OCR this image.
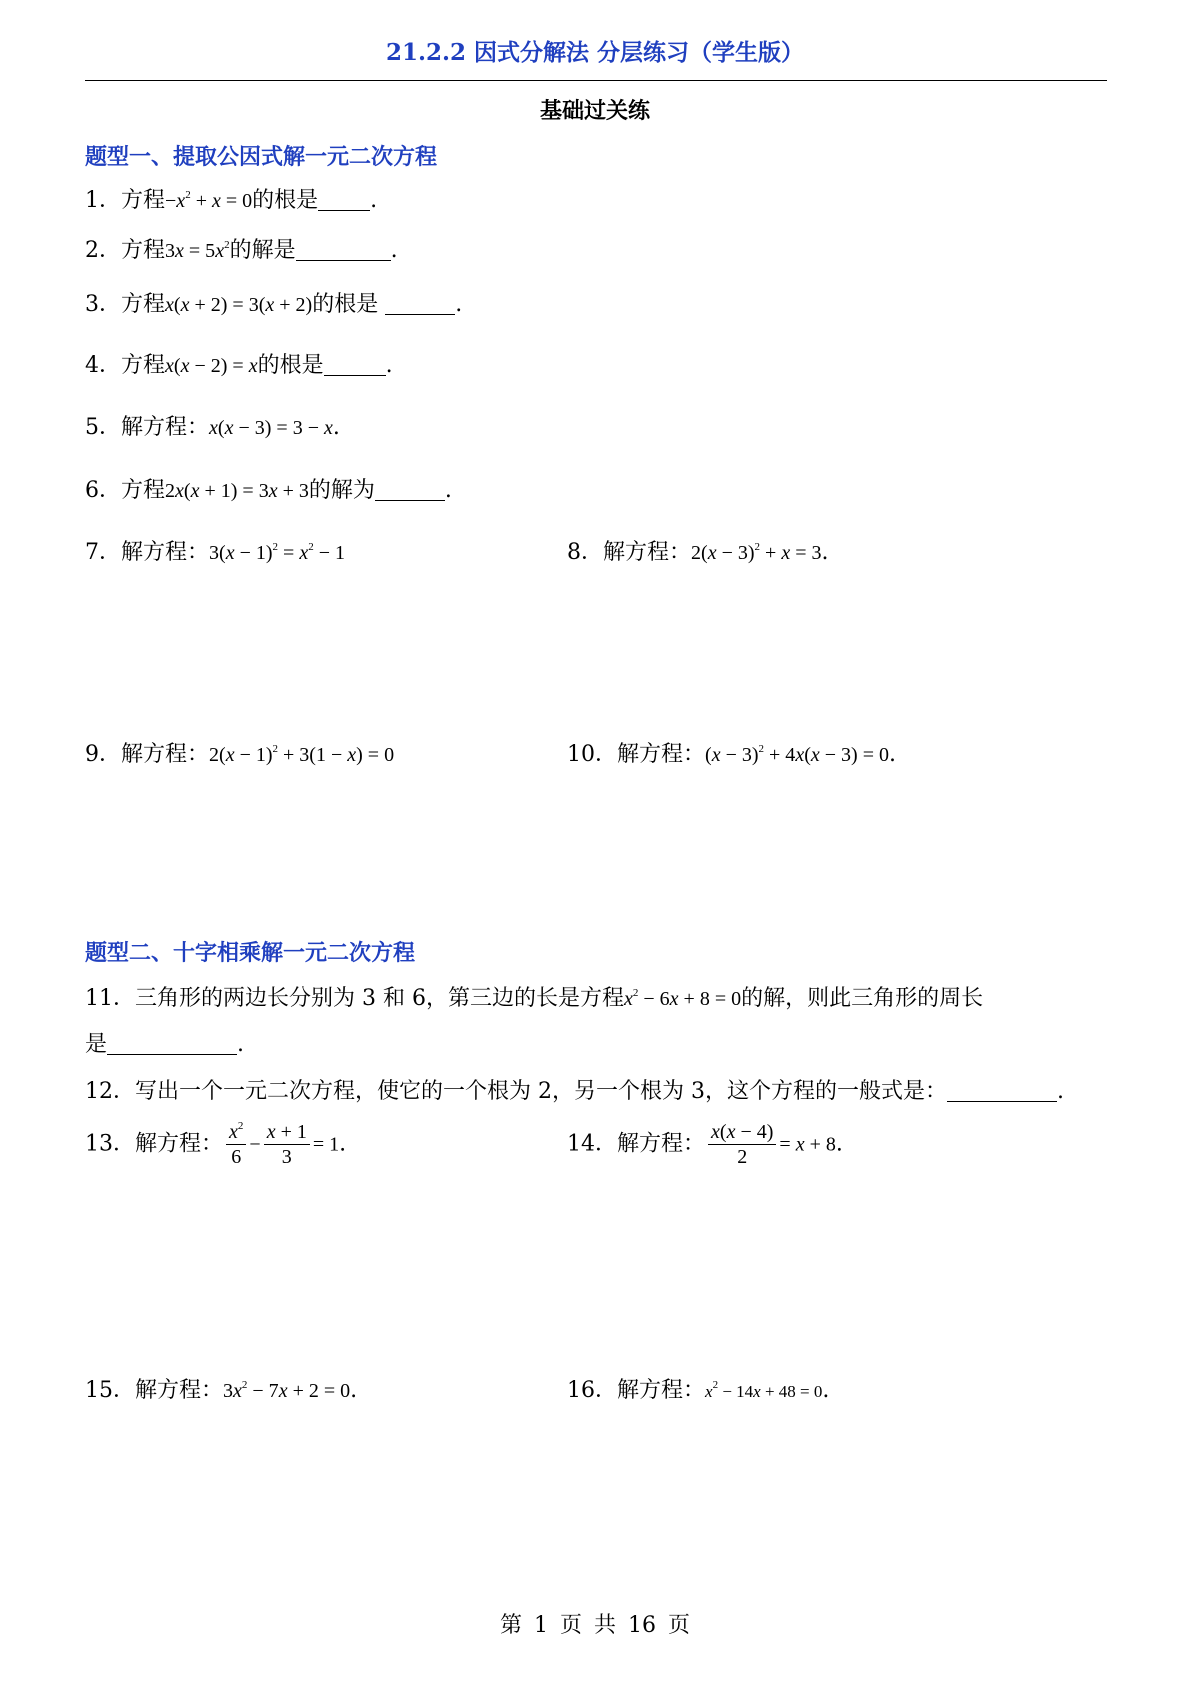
21.2.2 因式分解法 分层练习（学生版）
基础过关练
题型一、提取公因式解一元二次方程
1．方程$-x^2 + x = 0$的根是 .
2．方程$3x = 5x^2$的解是	.
3．方程x(x + 2) = 3(x + 2)的根是	.
4．方程x(x − 2) = x的根是	.
5．解方程：x(x − 3) = 3 − x.
6．方程2x(x + 1) = 3x + 3的解为	.
7．解方程：$3(x - 1)^2 = x^2 - 1$	8．解方程：$2(x - 3)^2 + x = 3$.
9．解方程：$2(x - 1)^2 + 3(1 - x) = 0$	10．解方程：$(x - 3)^2 + 4x(x - 3) = 0$.
题型二、十字相乘解一元二次方程
11．三角形的两边长分别为 3 和 6，第三边的长是方程$x^2 - 6x + 8 = 0$的解，则此三角形的周长
是	.
12．写出一个一元二次方程，使它的一个根为 2，另一个根为 3，这个方程的一般式是：	.
13．解方程： $\frac{x^2}{6} - \frac{x + 1}{3} = 1$.	14．解方程： $\frac{x(x - 4)}{2} = x + 8$.
15．解方程：$3x^2 - 7x + 2 = 0$.	16．解方程：$x^2 - 14x + 48 = 0$.
第 1 页 共 16 页
